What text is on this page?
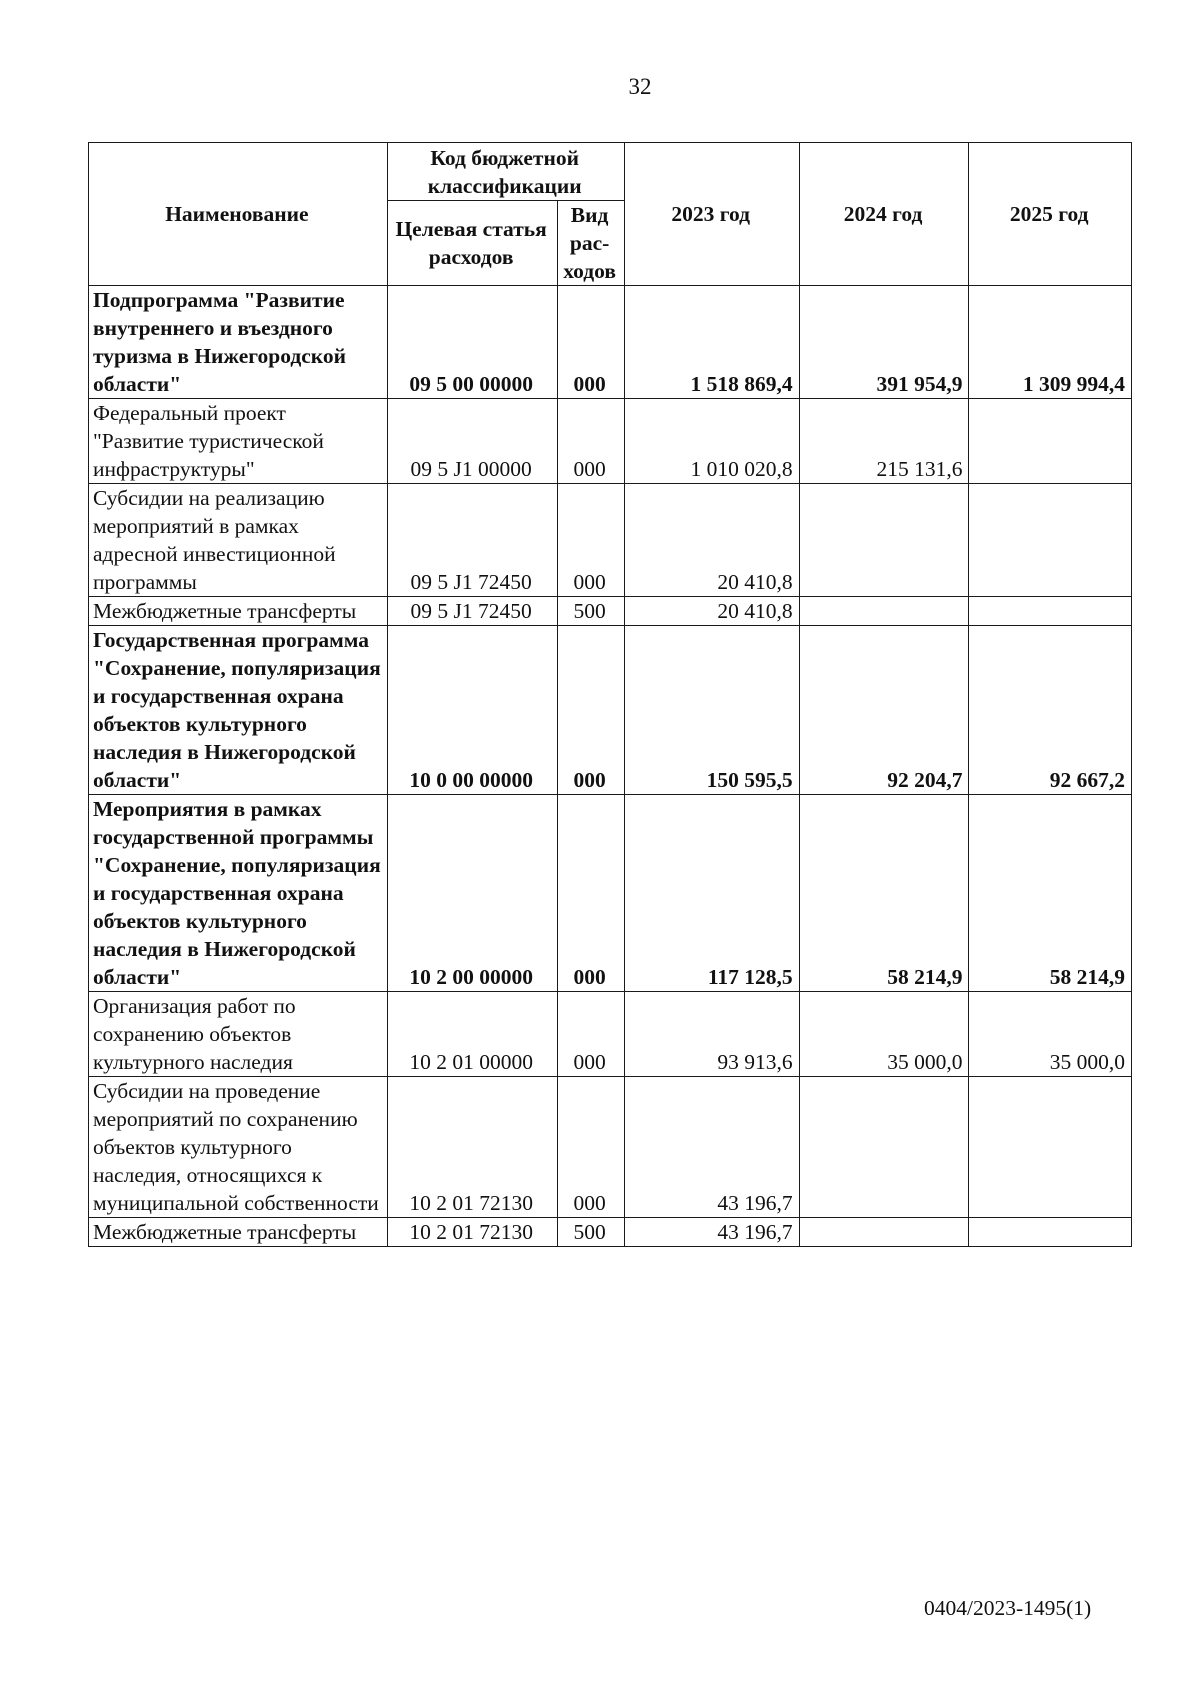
32
Наименование	Код бюджетной классификации		2023 год	2024 год	2025 год
	Целевая статья расходов	Вид рас-ходов			
Подпрограмма "Развитие внутреннего и въездного туризма в Нижегородской области"	09 5 00 00000	000	1 518 869,4	391 954,9	1 309 994,4
Федеральный проект "Развитие туристической инфраструктуры"	09 5 J1 00000	000	1 010 020,8	215 131,6	
Субсидии на реализацию мероприятий в рамках адресной инвестиционной программы	09 5 J1 72450	000	20 410,8		
Межбюджетные трансферты	09 5 J1 72450	500	20 410,8		
Государственная программа "Сохранение, популяризация и государственная охрана объектов культурного наследия в Нижегородской области"	10 0 00 00000	000	150 595,5	92 204,7	92 667,2
Мероприятия в рамках государственной программы "Сохранение, популяризация и государственная охрана объектов культурного наследия в Нижегородской области"	10 2 00 00000	000	117 128,5	58 214,9	58 214,9
Организация работ по сохранению объектов культурного наследия	10 2 01 00000	000	93 913,6	35 000,0	35 000,0
Субсидии на проведение мероприятий по сохранению объектов культурного наследия, относящихся к муниципальной собственности	10 2 01 72130	000	43 196,7		
Межбюджетные трансферты	10 2 01 72130	500	43 196,7		
0404/2023-1495(1)
